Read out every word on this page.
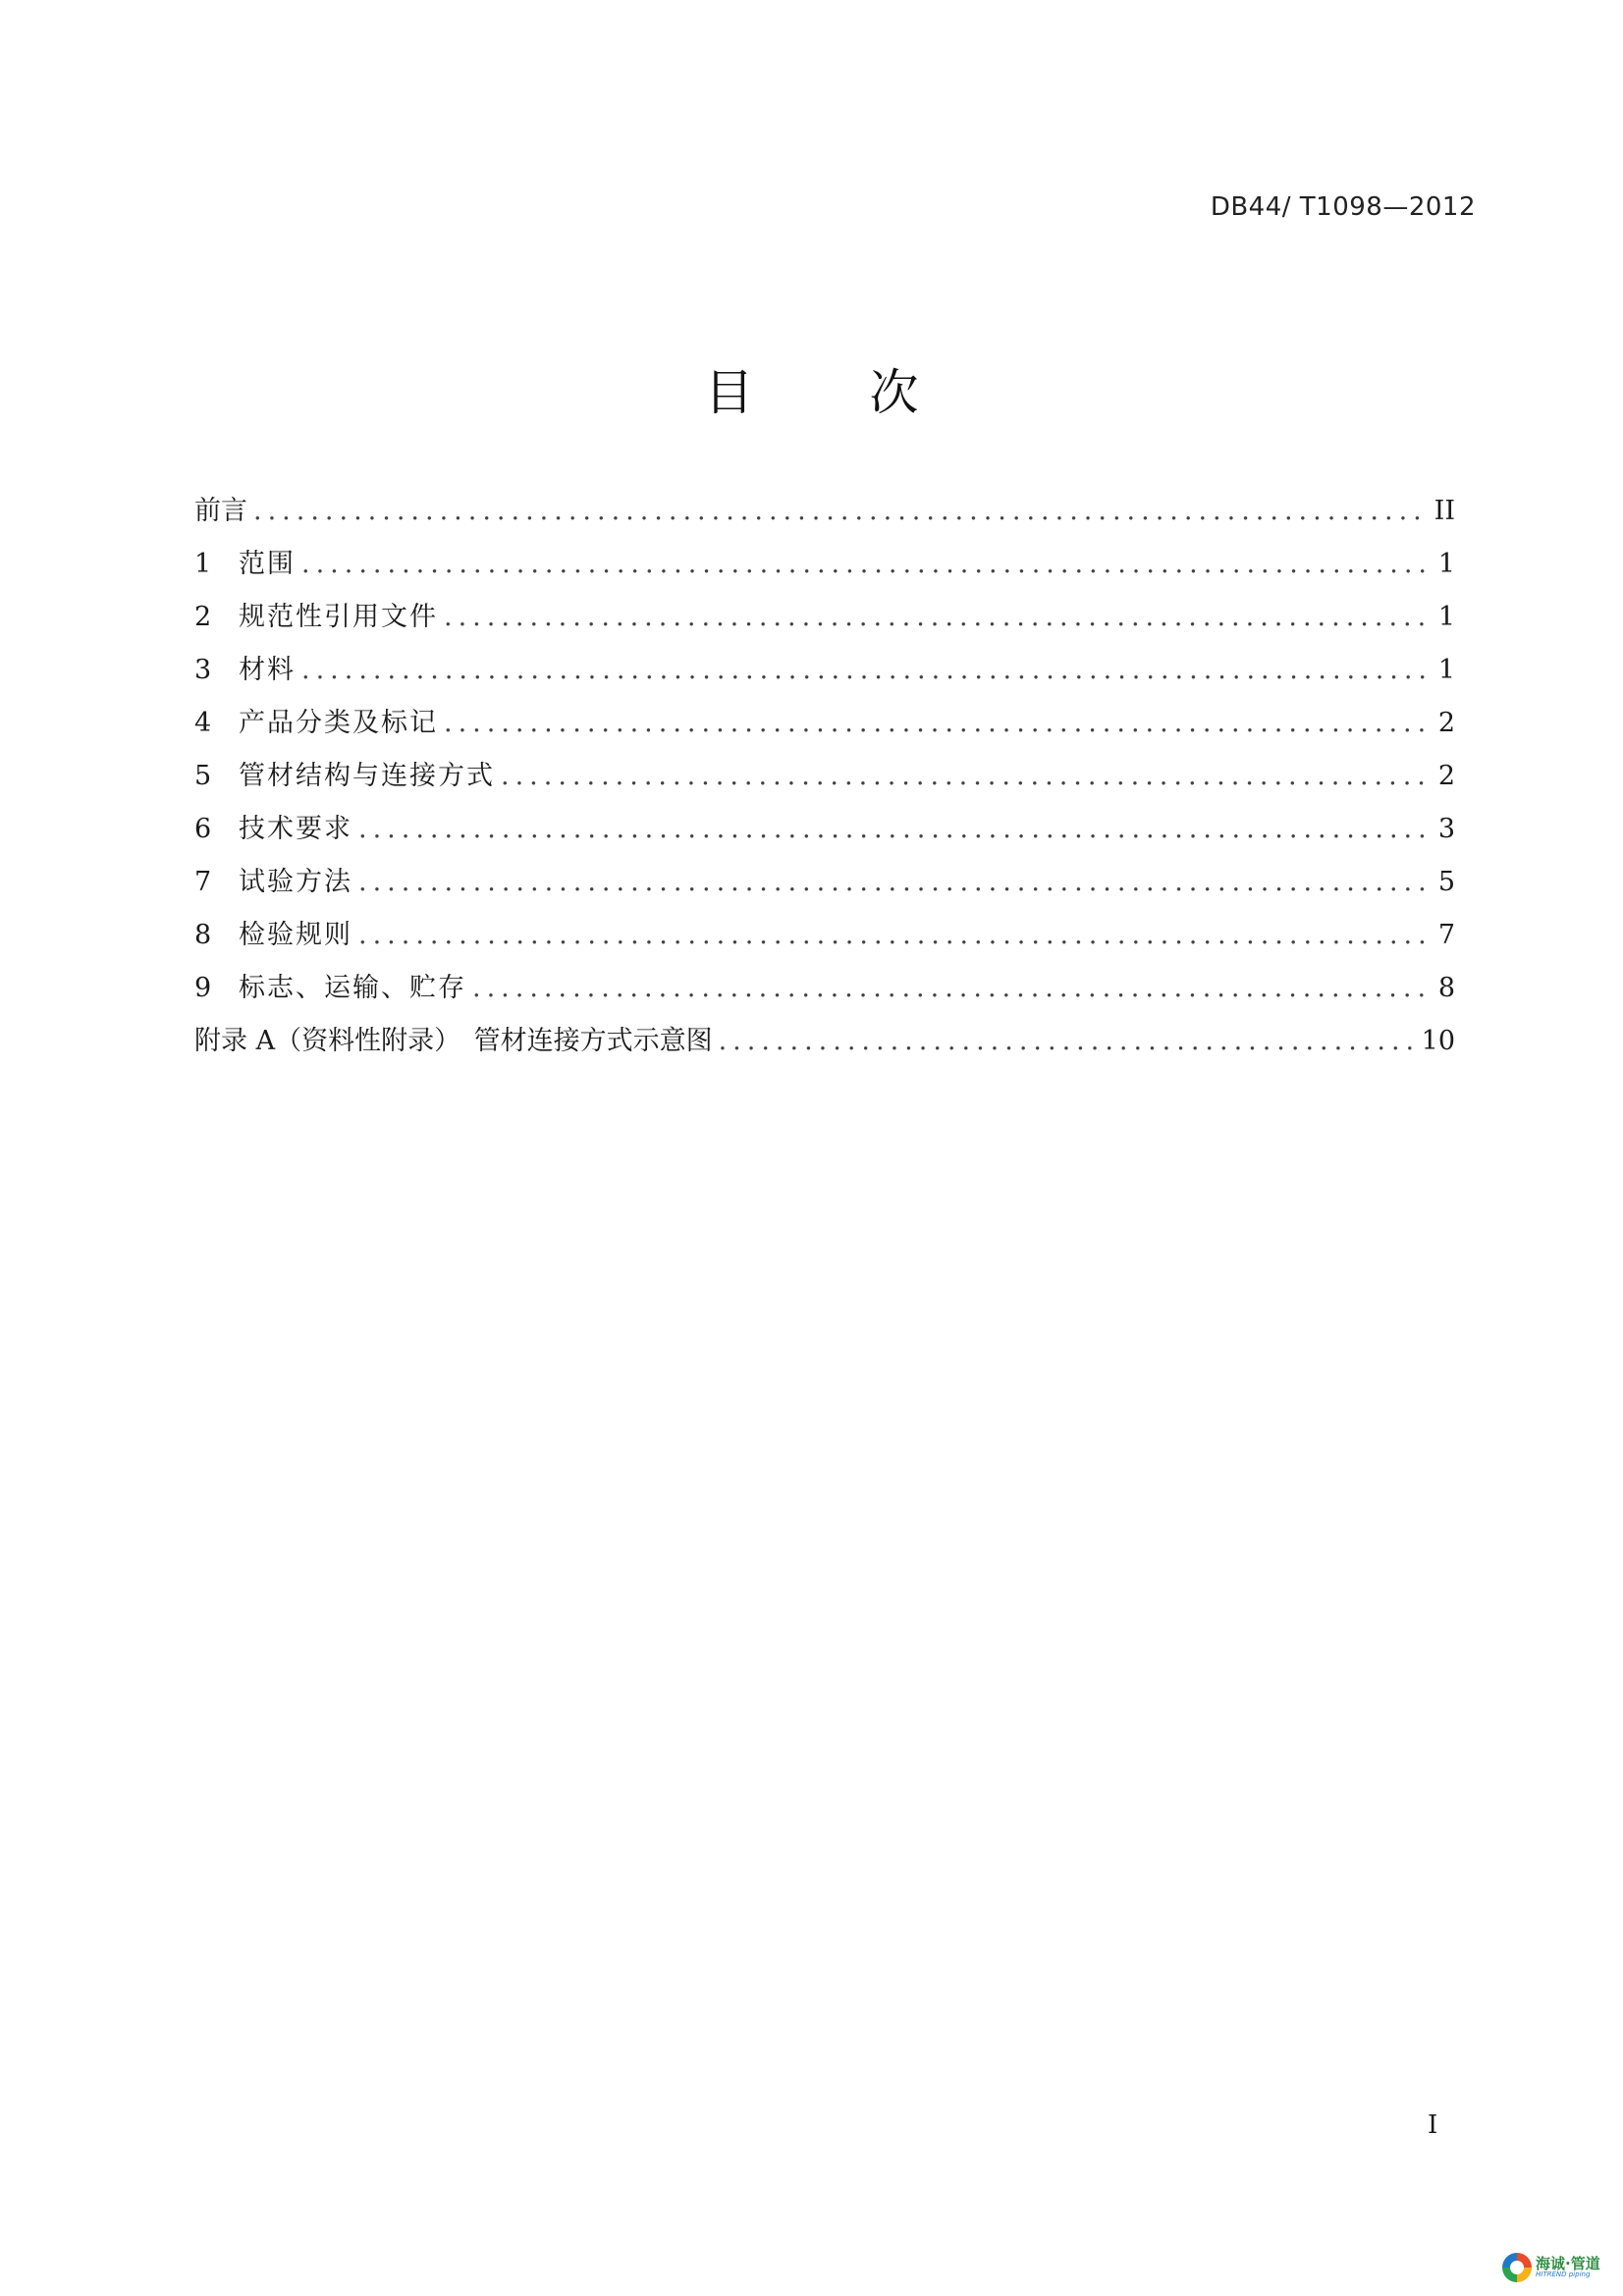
DB44/ T1098—2012
目 次
前言 .....	II
1	范围 .....	1
2	规范性引用文件 .....	1
3	材料 .....	1
4	产品分类及标记 .....	2
5	管材结构与连接方式 .....	2
6	技术要求 .....	3
7	试验方法 .....	5
8	检验规则 .....	7
9	标志、运输、贮存 .....	8
附录 A（资料性附录）　管材连接方式示意图 .....	10
I
海诚·管道
HITREND piping
